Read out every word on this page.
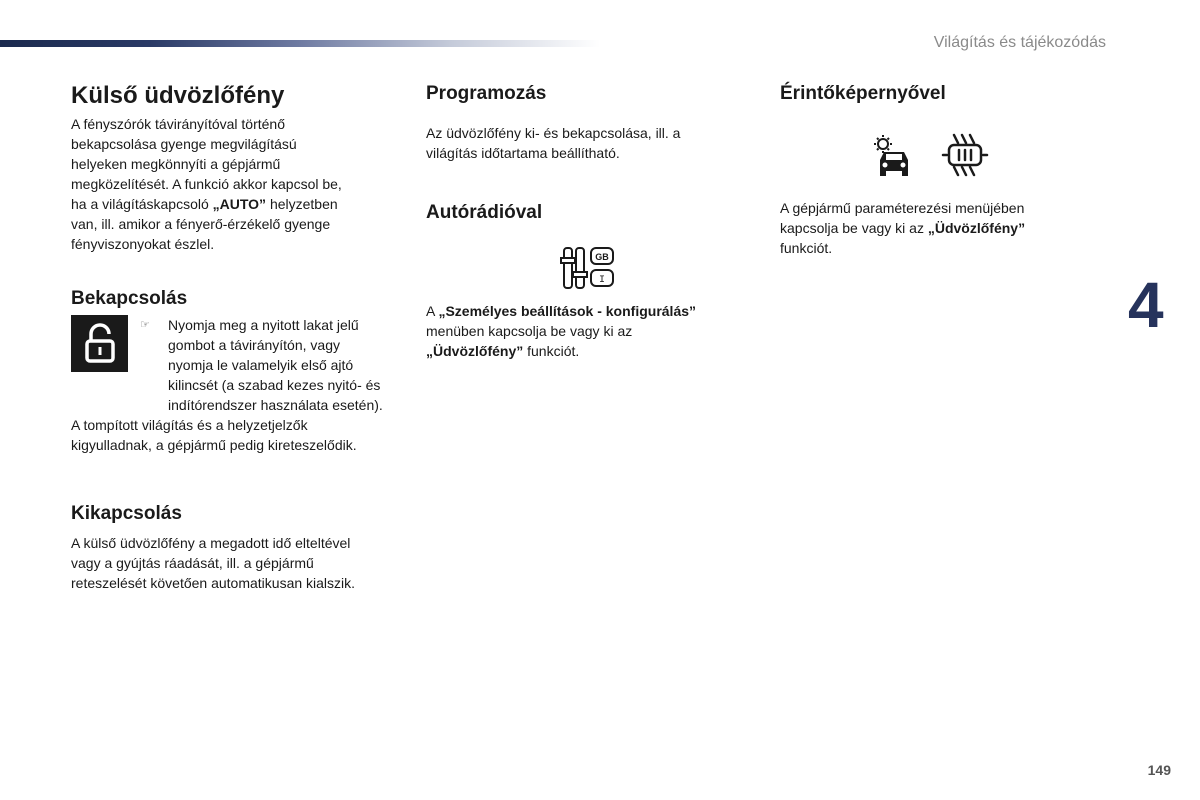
Világítás és tájékozódás
Külső üdvözlőfény
A fényszórók távirányítóval történő
bekapcsolása gyenge megvilágítású
helyeken megkönnyíti a gépjármű
megközelítését. A funkció akkor kapcsol be,
ha a világításkapcsoló „AUTO” helyzetben
van, ill. amikor a fényerő-érzékelő gyenge
fényviszonyokat észlel.
Bekapcsolás
☞ Nyomja meg a nyitott lakat jelű
gombot a távirányítón, vagy
nyomja le valamelyik első ajtó
kilincsét (a szabad kezes nyitó- és
indítórendszer használata esetén).
A tompított világítás és a helyzetjelzők
kigyulladnak, a gépjármű pedig kireteszelődik.
Kikapcsolás
A külső üdvözlőfény a megadott idő elteltével
vagy a gyújtás ráadását, ill. a gépjármű
reteszelését követően automatikusan kialszik.
Programozás
Az üdvözlőfény ki- és bekapcsolása, ill. a
világítás időtartama beállítható.
Autórádióval
GB
I
A „Személyes beállítások - konfigurálás”
menüben kapcsolja be vagy ki az
„Üdvözlőfény” funkciót.
Érintőképernyővel
A gépjármű paraméterezési menüjében
kapcsolja be vagy ki az „Üdvözlőfény”
funkciót.
4
149
